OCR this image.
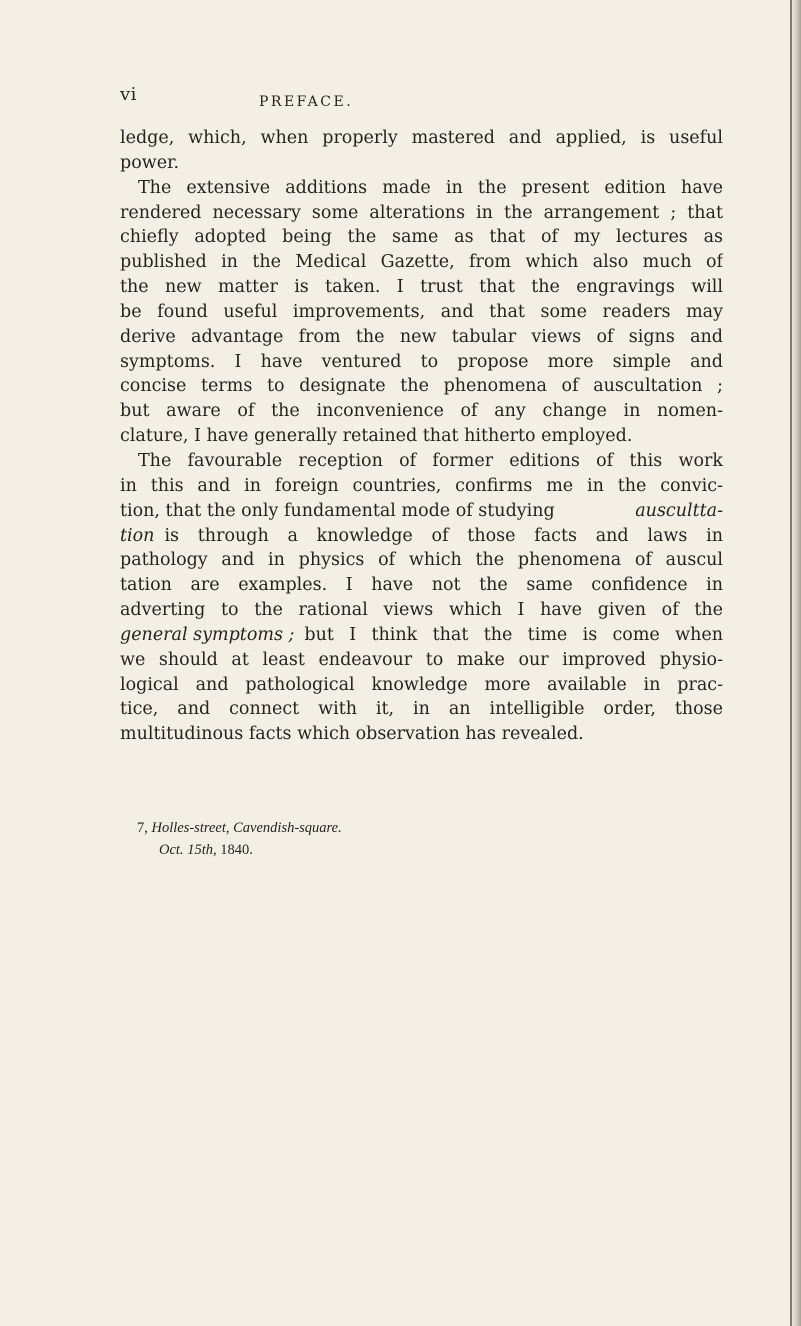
vi	PREFACE.
ledge, which, when properly mastered and applied, is useful
power.
The extensive additions made in the present edition have
rendered necessary some alterations in the arrangement ; that
chiefly adopted being the same as that of my lectures as
published in the Medical Gazette, from which also much of
the new matter is taken. I trust that the engravings will
be found useful improvements, and that some readers may
derive advantage from the new tabular views of signs and
symptoms. I have ventured to propose more simple and
concise terms to designate the phenomena of auscultation ;
but aware of the inconvenience of any change in nomen-
clature, I have generally retained that hitherto employed.
The favourable reception of former editions of this work
in this and in foreign countries, confirms me in the convic-
tion, that the only fundamental mode of studying	auscultta-
tion is through a knowledge of those facts and laws in
pathology and in physics of which the phenomena of auscul
tation are examples. I have not the same confidence in
adverting to the rational views which I have given of the
general symptoms ; but I think that the time is come when
we should at least endeavour to make our improved physio-
logical and pathological knowledge more available in prac-
tice, and connect with it, in an intelligible order, those
multitudinous facts which observation has revealed.
7, Holles-street, Cavendish-square.
Oct. 15th, 1840.
